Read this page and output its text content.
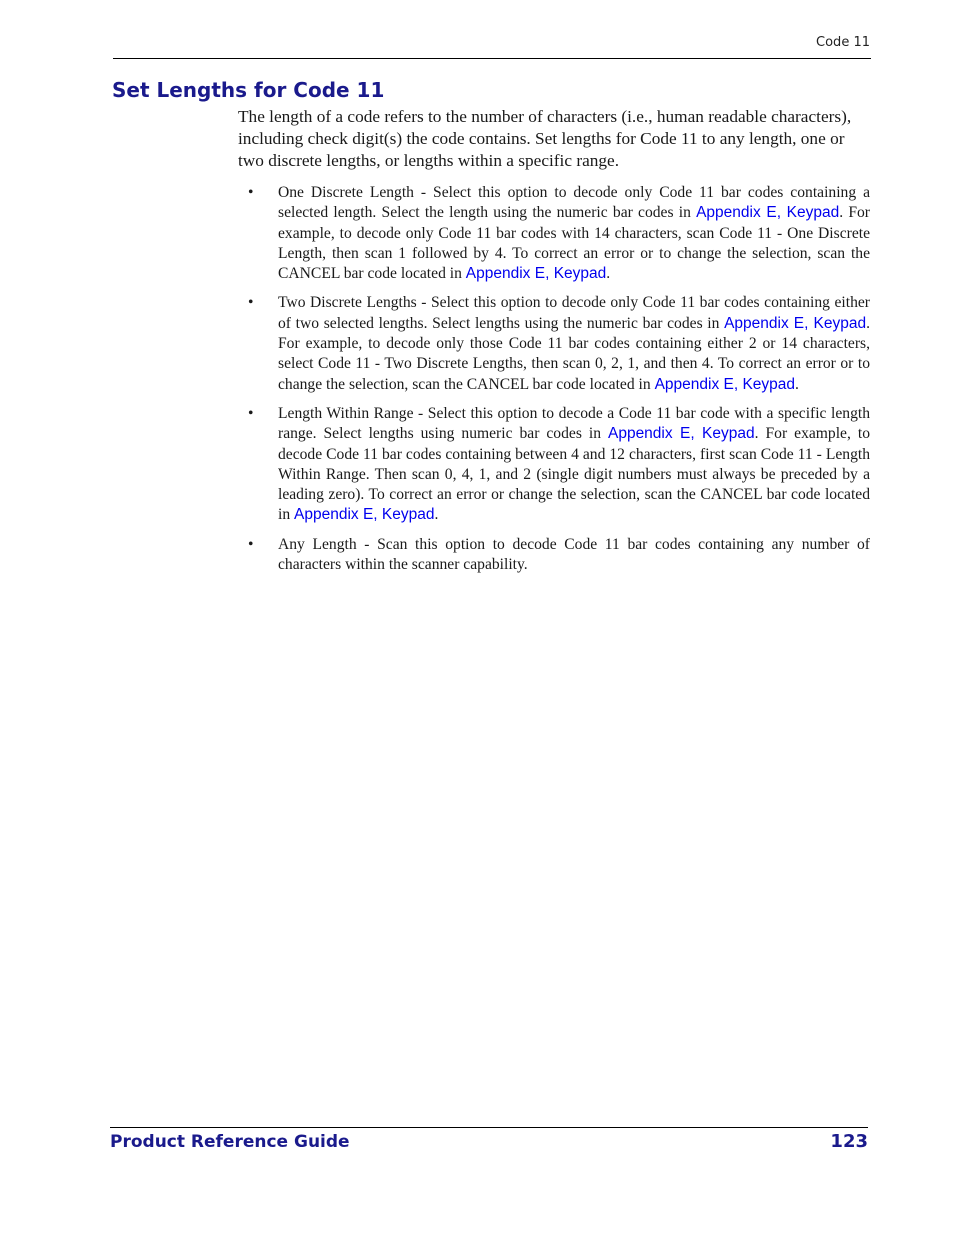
Code 11
Set Lengths for Code 11

The length of a code refers to the number of characters (i.e., human readable characters), including check digit(s) the code contains. Set lengths for Code 11 to any length, one or two discrete lengths, or lengths within a specific range.

• One Discrete Length - Select this option to decode only Code 11 bar codes containing a selected length. Select the length using the numeric bar codes in Appendix E, Keypad. For example, to decode only Code 11 bar codes with 14 characters, scan Code 11 - One Discrete Length, then scan 1 followed by 4. To correct an error or to change the selection, scan the CANCEL bar code located in Appendix E, Keypad.
• Two Discrete Lengths - Select this option to decode only Code 11 bar codes containing either of two selected lengths. Select lengths using the numeric bar codes in Appendix E, Keypad. For example, to decode only those Code 11 bar codes containing either 2 or 14 characters, select Code 11 - Two Discrete Lengths, then scan 0, 2, 1, and then 4. To correct an error or to change the selection, scan the CANCEL bar code located in Appendix E, Keypad.
• Length Within Range - Select this option to decode a Code 11 bar code with a specific length range. Select lengths using numeric bar codes in Appendix E, Keypad. For example, to decode Code 11 bar codes containing between 4 and 12 characters, first scan Code 11 - Length Within Range. Then scan 0, 4, 1, and 2 (single digit numbers must always be preceded by a leading zero). To correct an error or change the selection, scan the CANCEL bar code located in Appendix E, Keypad.
• Any Length - Scan this option to decode Code 11 bar codes containing any number of characters within the scanner capability.
Product Reference Guide	123
